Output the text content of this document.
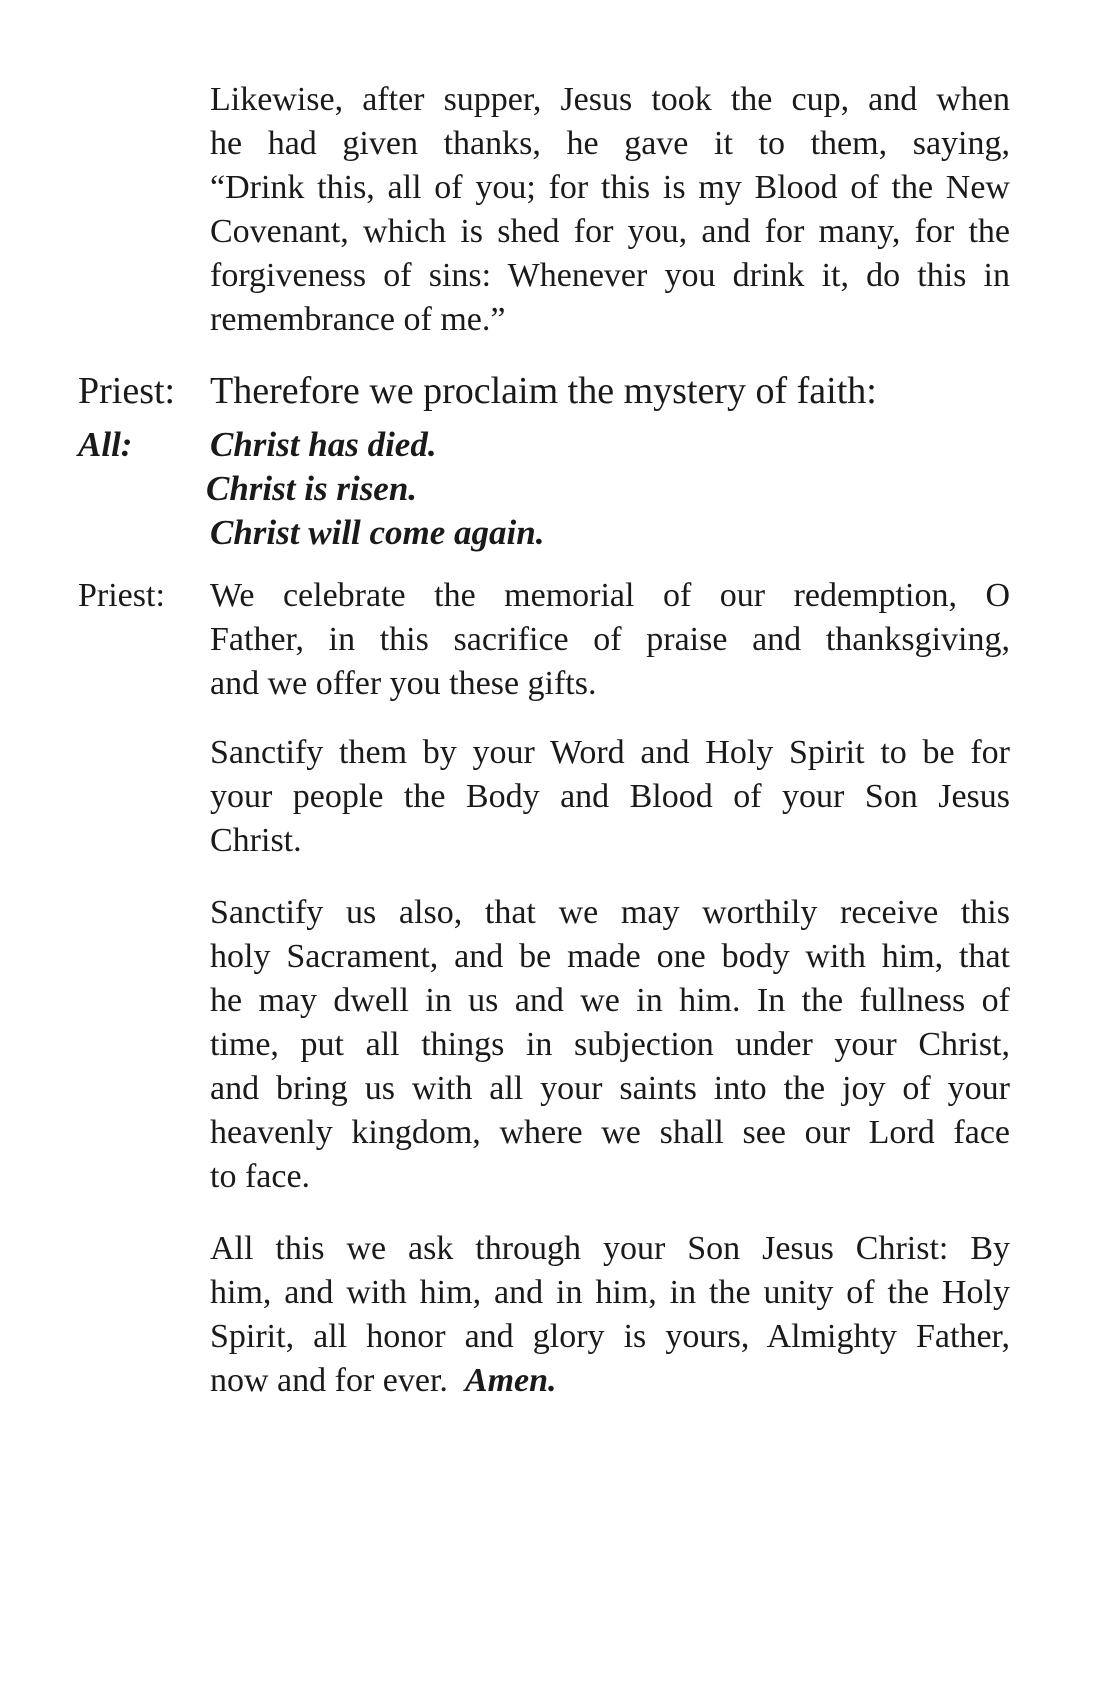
Likewise, after supper, Jesus took the cup, and when
he had given thanks, he gave it to them, saying,
“Drink this, all of you; for this is my Blood of the New
Covenant, which is shed for you, and for many, for the
forgiveness of sins: Whenever you drink it, do this in
remembrance of me.”

Priest: Therefore we proclaim the mystery of faith:

All: Christ has died.
Christ is risen.
Christ will come again.

Priest: We celebrate the memorial of our redemption, O
Father, in this sacrifice of praise and thanksgiving,
and we offer you these gifts.

Sanctify them by your Word and Holy Spirit to be for
your people the Body and Blood of your Son Jesus
Christ.

Sanctify us also, that we may worthily receive this
holy Sacrament, and be made one body with him, that
he may dwell in us and we in him. In the fullness of
time, put all things in subjection under your Christ,
and bring us with all your saints into the joy of your
heavenly kingdom, where we shall see our Lord face
to face.

All this we ask through your Son Jesus Christ: By
him, and with him, and in him, in the unity of the Holy
Spirit, all honor and glory is yours, Almighty Father,
now and for ever. Amen.
